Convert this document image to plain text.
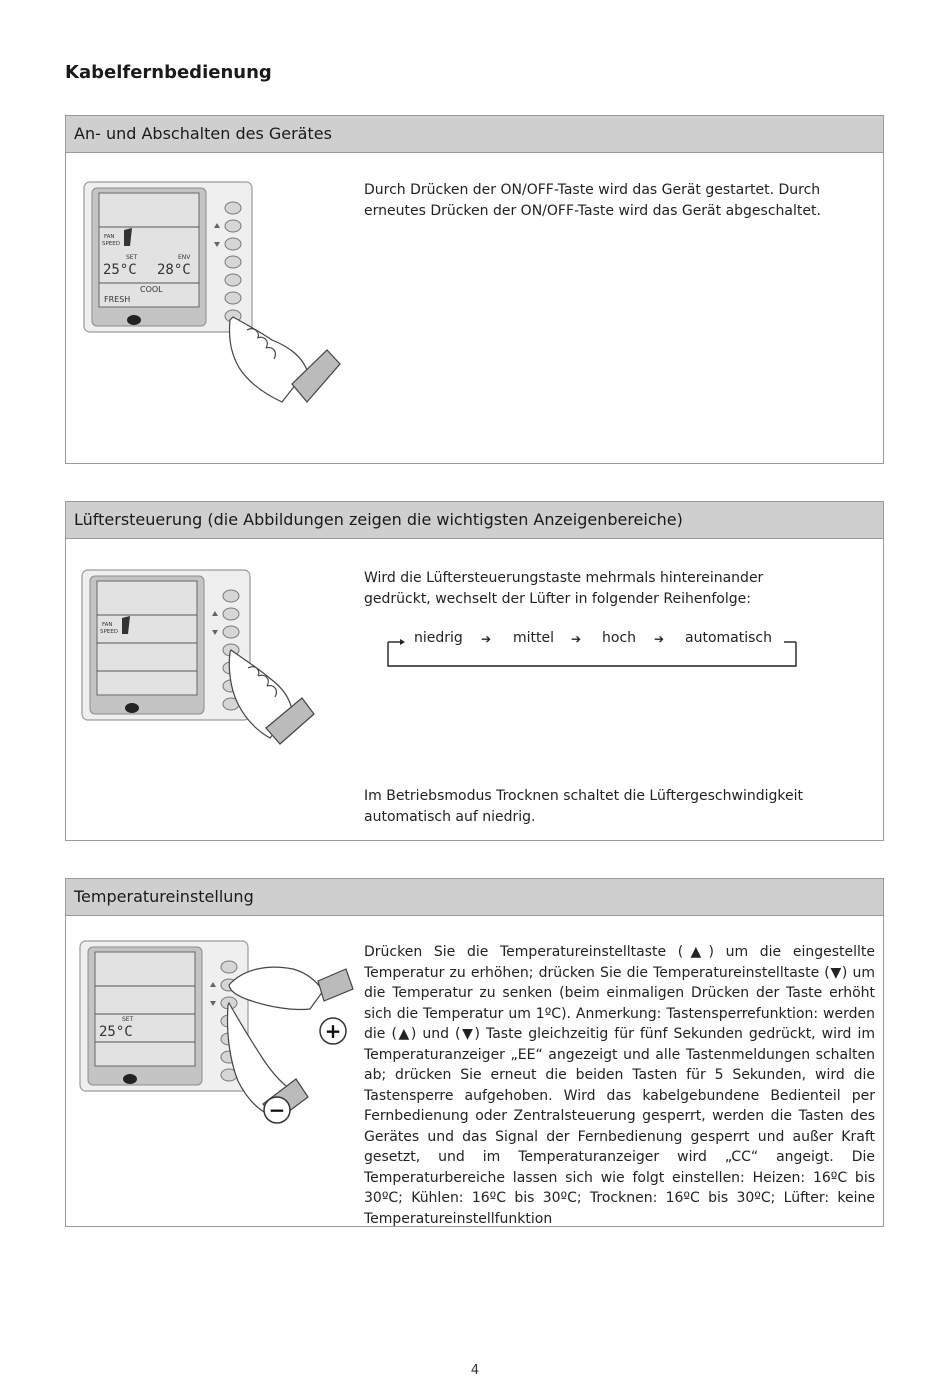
Kabelfernbedienung
An- und Abschalten des Gerätes
FAN
SPEED
SET	ENV
25°C 28°C
COOL
FRESH
Durch Drücken der ON/OFF-Taste wird das Gerät gestartet. Durch erneutes Drücken der ON/OFF-Taste wird das Gerät abgeschaltet.
Lüftersteuerung (die Abbildungen zeigen die wichtigsten Anzeigenbereiche)
FAN
SPEED
Wird die Lüftersteuerungstaste mehrmals hintereinander gedrückt, wechselt der Lüfter in folgender Reihenfolge:
niedrig ➔ mittel ➔ hoch ➔ automatisch
Im Betriebsmodus Trocknen schaltet die Lüftergeschwindigkeit automatisch auf niedrig.
Temperatureinstellung
SET
25°C	+
−
Drücken Sie die Temperatureinstelltaste (▲) um die eingestellte Temperatur zu erhöhen; drücken Sie die Temperatureinstelltaste (▼) um die Temperatur zu senken (beim einmaligen Drücken der Taste erhöht sich die Temperatur um 1ºC). Anmerkung: Tastensperrefunktion: werden die (▲) und (▼) Taste gleichzeitig für fünf Sekunden gedrückt, wird im Temperaturanzeiger „EE“ angezeigt und alle Tastenmeldungen schalten ab; drücken Sie erneut die beiden Tasten für 5 Sekunden, wird die Tastensperre aufgehoben. Wird das kabelgebundene Bedienteil per Fernbedienung oder Zentralsteuerung gesperrt, werden die Tasten des Gerätes und das Signal der Fernbedienung gesperrt und außer Kraft gesetzt, und im Temperaturanzeiger wird „CC“ angeigt. Die Temperaturbereiche lassen sich wie folgt einstellen: Heizen: 16ºC bis 30ºC; Kühlen: 16ºC bis 30ºC; Trocknen: 16ºC bis 30ºC; Lüfter: keine Temperatureinstellfunktion
4
